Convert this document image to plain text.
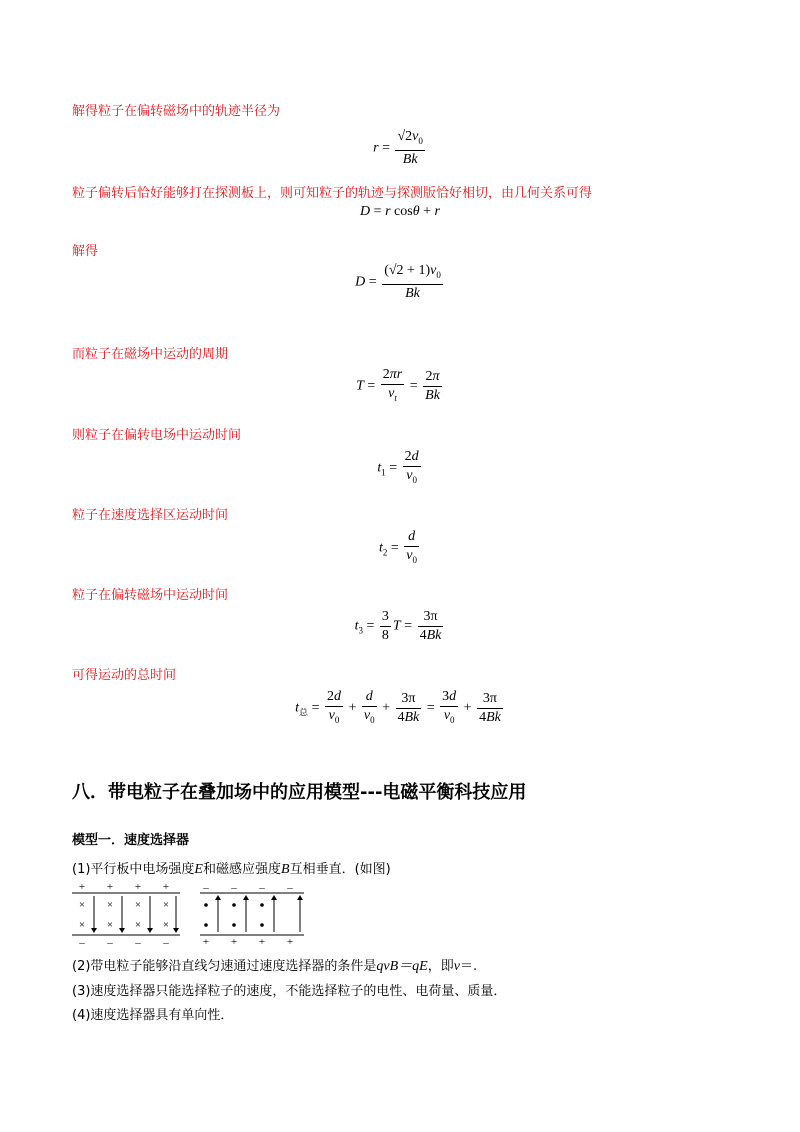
解得粒子在偏转磁场中的轨迹半径为
$r = \frac{√2v_0}{Bk}$
粒子偏转后恰好能够打在探测板上，则可知粒子的轨迹与探测版恰好相切，由几何关系可得
D = r cosθ + r
解得
$D = \frac{(√2 + 1)v_0}{Bk}$
而粒子在磁场中运动的周期
$T = \frac{2\pi r}{v_t} = \frac{2\pi}{Bk}$
则粒子在偏转电场中运动时间
$t_1 = \frac{2d}{v_0}$
粒子在速度选择区运动时间
$t_2 = \frac{d}{v_0}$
粒子在偏转磁场中运动时间
$t_3 = \frac{3}{8}$ $T = \frac{3\pi}{4Bk}$
可得运动的总时间
$t_总 = \frac{2d}{v_0} + \frac{d}{v_0} + \frac{3\pi}{4Bk} = \frac{3d}{v_0} + \frac{3\pi}{4Bk}$
八．带电粒子在叠加场中的应用模型---电磁平衡科技应用
模型一．速度选择器
(1)平行板中电场强度E和磁感应强度B互相垂直．(如图)
+ + + +
– – – –
× × × ×
× × × ×
– – – –
+ + + +
(2)带电粒子能够沿直线匀速通过速度选择器的条件是qvB＝qE，即v＝.
(3)速度选择器只能选择粒子的速度，不能选择粒子的电性、电荷量、质量．
(4)速度选择器具有单向性．
